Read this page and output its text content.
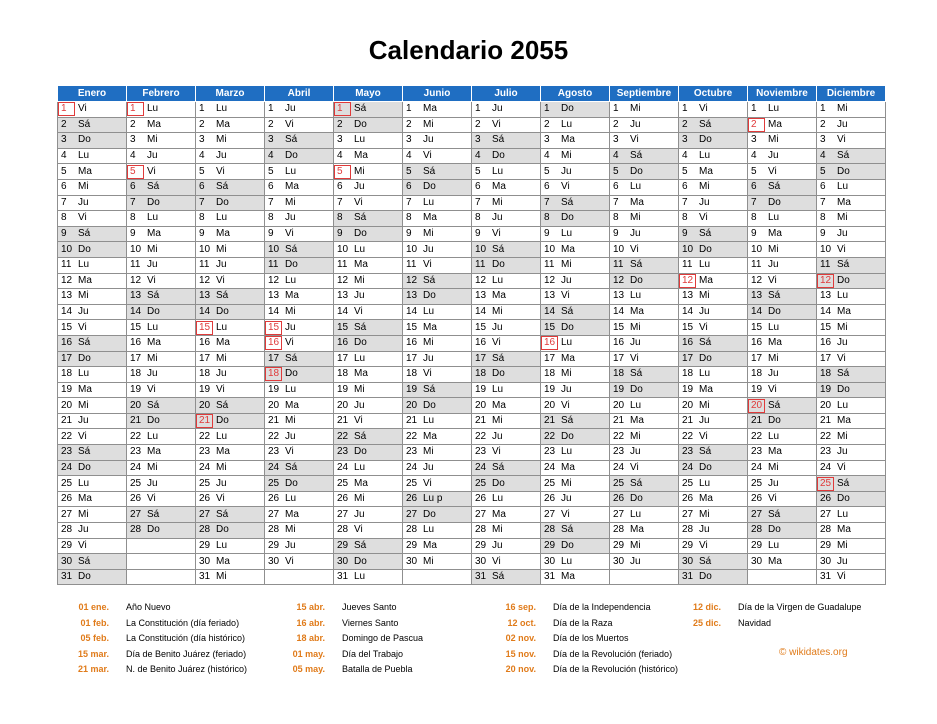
Calendario 2055
Enero	Febrero	Marzo	Abril	Mayo	Junio	Julio	Agosto	Septiembre	Octubre	Noviembre	Diciembre

1 Vi	1 Lu	1 Lu	1 Ju	1 Sá	1 Ma	1 Ju	1 Do	1 Mi	1 Vi	1 Lu	1 Mi

2 Sá	2 Ma	2 Ma	2 Vi	2 Do	2 Mi	2 Vi	2 Lu	2 Ju	2 Sá	2 Ma	2 Ju

3 Do	3 Mi	3 Mi	3 Sá	3 Lu	3 Ju	3 Sá	3 Ma	3 Vi	3 Do	3 Mi	3 Vi

4 Lu	4 Ju	4 Ju	4 Do	4 Ma	4 Vi	4 Do	4 Mi	4 Sá	4 Lu	4 Ju	4 Sá

5 Ma	5 Vi	5 Vi	5 Lu	5 Mi	5 Sá	5 Lu	5 Ju	5 Do	5 Ma	5 Vi	5 Do

6 Mi	6 Sá	6 Sá	6 Ma	6 Ju	6 Do	6 Ma	6 Vi	6 Lu	6 Mi	6 Sá	6 Lu

7 Ju	7 Do	7 Do	7 Mi	7 Vi	7 Lu	7 Mi	7 Sá	7 Ma	7 Ju	7 Do	7 Ma

8 Vi	8 Lu	8 Lu	8 Ju	8 Sá	8 Ma	8 Ju	8 Do	8 Mi	8 Vi	8 Lu	8 Mi

9 Sá	9 Ma	9 Ma	9 Vi	9 Do	9 Mi	9 Vi	9 Lu	9 Ju	9 Sá	9 Ma	9 Ju

10 Do	10 Mi	10 Mi	10 Sá	10 Lu	10 Ju	10 Sá	10 Ma	10 Vi	10 Do	10 Mi	10 Vi

11 Lu	11 Ju	11 Ju	11 Do	11 Ma	11 Vi	11 Do	11 Mi	11 Sá	11 Lu	11 Ju	11 Sá

12 Ma	12 Vi	12 Vi	12 Lu	12 Mi	12 Sá	12 Lu	12 Ju	12 Do	12 Ma	12 Vi	12 Do

13 Mi	13 Sá	13 Sá	13 Ma	13 Ju	13 Do	13 Ma	13 Vi	13 Lu	13 Mi	13 Sá	13 Lu

14 Ju	14 Do	14 Do	14 Mi	14 Vi	14 Lu	14 Mi	14 Sá	14 Ma	14 Ju	14 Do	14 Ma

15 Vi	15 Lu	15 Lu	15 Ju	15 Sá	15 Ma	15 Ju	15 Do	15 Mi	15 Vi	15 Lu	15 Mi

16 Sá	16 Ma	16 Ma	16 Vi	16 Do	16 Mi	16 Vi	16 Lu	16 Ju	16 Sá	16 Ma	16 Ju

17 Do	17 Mi	17 Mi	17 Sá	17 Lu	17 Ju	17 Sá	17 Ma	17 Vi	17 Do	17 Mi	17 Vi

18 Lu	18 Ju	18 Ju	18 Do	18 Ma	18 Vi	18 Do	18 Mi	18 Sá	18 Lu	18 Ju	18 Sá

19 Ma	19 Vi	19 Vi	19 Lu	19 Mi	19 Sá	19 Lu	19 Ju	19 Do	19 Ma	19 Vi	19 Do

20 Mi	20 Sá	20 Sá	20 Ma	20 Ju	20 Do	20 Ma	20 Vi	20 Lu	20 Mi	20 Sá	20 Lu

21 Ju	21 Do	21 Do	21 Mi	21 Vi	21 Lu	21 Mi	21 Sá	21 Ma	21 Ju	21 Do	21 Ma

22 Vi	22 Lu	22 Lu	22 Ju	22 Sá	22 Ma	22 Ju	22 Do	22 Mi	22 Vi	22 Lu	22 Mi

23 Sá	23 Ma	23 Ma	23 Vi	23 Do	23 Mi	23 Vi	23 Lu	23 Ju	23 Sá	23 Ma	23 Ju

24 Do	24 Mi	24 Mi	24 Sá	24 Lu	24 Ju	24 Sá	24 Ma	24 Vi	24 Do	24 Mi	24 Vi

25 Lu	25 Ju	25 Ju	25 Do	25 Ma	25 Vi	25 Do	25 Mi	25 Sá	25 Lu	25 Ju	25 Sá

26 Ma	26 Vi	26 Vi	26 Lu	26 Mi	26 Lu p	26 Lu	26 Ju	26 Do	26 Ma	26 Vi	26 Do

27 Mi	27 Sá	27 Sá	27 Ma	27 Ju	27 Do	27 Ma	27 Vi	27 Lu	27 Mi	27 Sá	27 Lu

28 Ju	28 Do	28 Do	28 Mi	28 Vi	28 Lu	28 Mi	28 Sá	28 Ma	28 Ju	28 Do	28 Ma

29 Vi		29 Lu	29 Ju	29 Sá	29 Ma	29 Ju	29 Do	29 Mi	29 Vi	29 Lu	29 Mi

30 Sá		30 Ma	30 Vi	30 Do	30 Mi	30 Vi	30 Lu	30 Ju	30 Sá	30 Ma	30 Ju

31 Do		31 Mi		31 Lu		31 Sá	31 Ma		31 Do		31 Vi
01 ene.	Año Nuevo
01 feb.	La Constitución (día feriado)
05 feb.	La Constitución (día histórico)
15 mar.	Día de Benito Juárez (feriado)
21 mar.	N. de Benito Juárez (histórico)
15 abr.	Jueves Santo
16 abr.	Viernes Santo
18 abr.	Domingo de Pascua
01 may.	Día del Trabajo
05 may.	Batalla de Puebla
16 sep.	Día de la Independencia
12 oct.	Día de la Raza
02 nov.	Día de los Muertos
15 nov.	Día de la Revolución (feriado)
20 nov.	Día de la Revolución (histórico)
12 dic.	Día de la Virgen de Guadalupe
25 dic.	Navidad
© wikidates.org
